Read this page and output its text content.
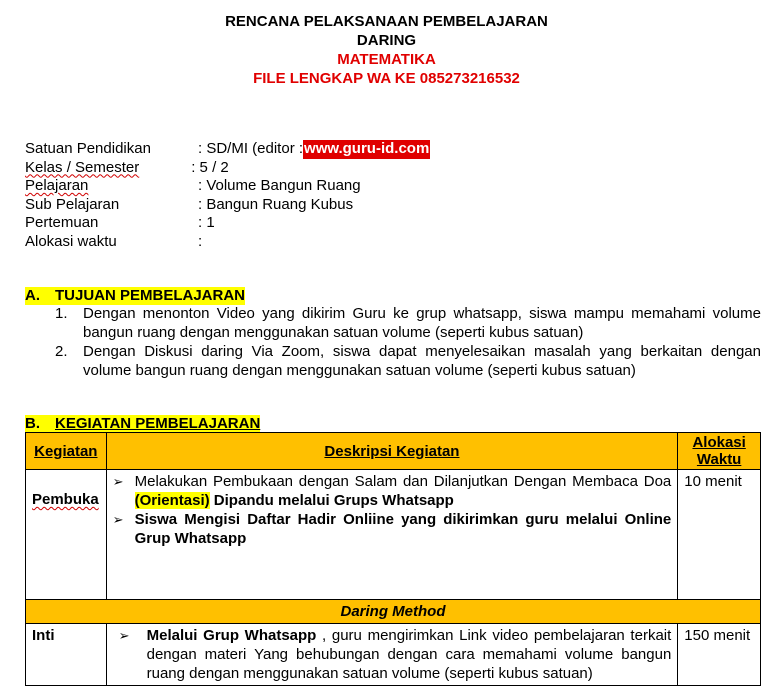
RENCANA PELAKSANAAN PEMBELAJARAN
DARING
MATEMATIKA
FILE LENGKAP WA KE 085273216532
Satuan Pendidikan	: SD/MI (editor : www.guru-id.com
Kelas / Semester	: 5 / 2
Pelajaran	: Volume Bangun Ruang
Sub Pelajaran	: Bangun Ruang Kubus
Pertemuan	: 1
Alokasi waktu	:
A. TUJUAN PEMBELAJARAN
1.	Dengan menonton Video yang dikirim Guru ke grup whatsapp, siswa mampu memahami volume bangun ruang dengan menggunakan satuan volume (seperti kubus satuan)
2.	Dengan Diskusi daring Via Zoom, siswa dapat menyelesaikan masalah yang berkaitan dengan volume bangun ruang dengan menggunakan satuan volume (seperti kubus satuan)
B. KEGIATAN PEMBELAJARAN
Kegiatan	Deskripsi Kegiatan	Alokasi Waktu
Pembuka	➢ Melakukan Pembukaan dengan Salam dan Dilanjutkan Dengan Membaca Doa (Orientasi) Dipandu melalui Grups Whatsapp
➢ Siswa Mengisi Daftar Hadir Onliine yang dikirimkan guru melalui Online Grup Whatsapp	10 menit
Daring Method		
Inti	➢ Melalui Grup Whatsapp , guru mengirimkan Link video pembelajaran terkait dengan materi Yang behubungan dengan cara memahami volume bangun ruang dengan menggunakan satuan volume (seperti kubus satuan)	150 menit
